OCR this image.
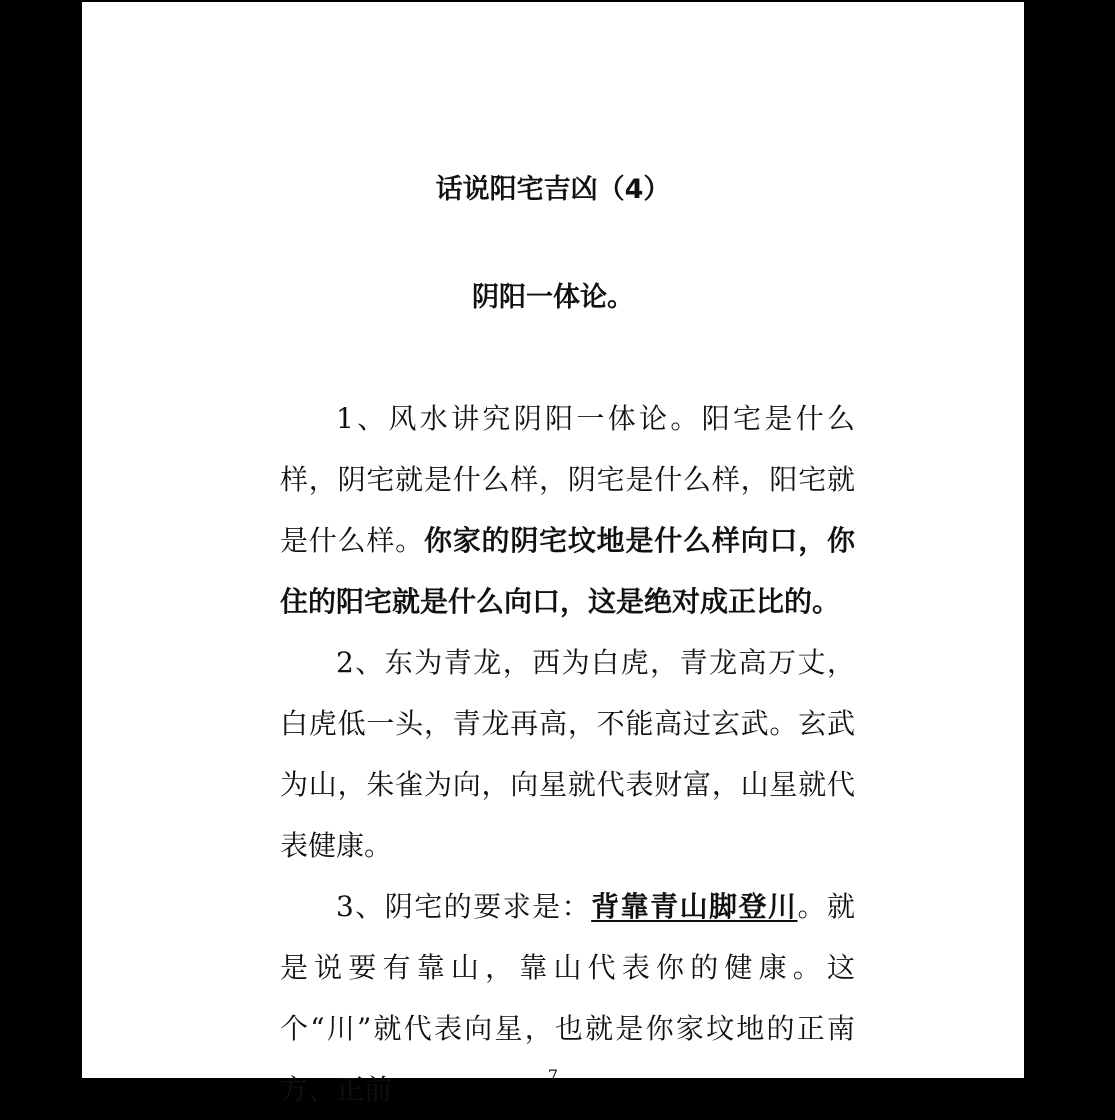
话说阳宅吉凶（4）
阴阳一体论。

1、风水讲究阴阳一体论。阳宅是什么样，阴宅就是什么样，阴宅是什么样，阳宅就是什么样。你家的阴宅坟地是什么样向口，你住的阳宅就是什么向口，这是绝对成正比的。

2、东为青龙，西为白虎，青龙高万丈，白虎低一头，青龙再高，不能高过玄武。玄武为山，朱雀为向，向星就代表财富，山星就代表健康。

3、阴宅的要求是：背靠青山脚登川。就是说要有靠山，靠山代表你的健康。这个“川”就代表向星，也就是你家坟地的正南方、正前	7
